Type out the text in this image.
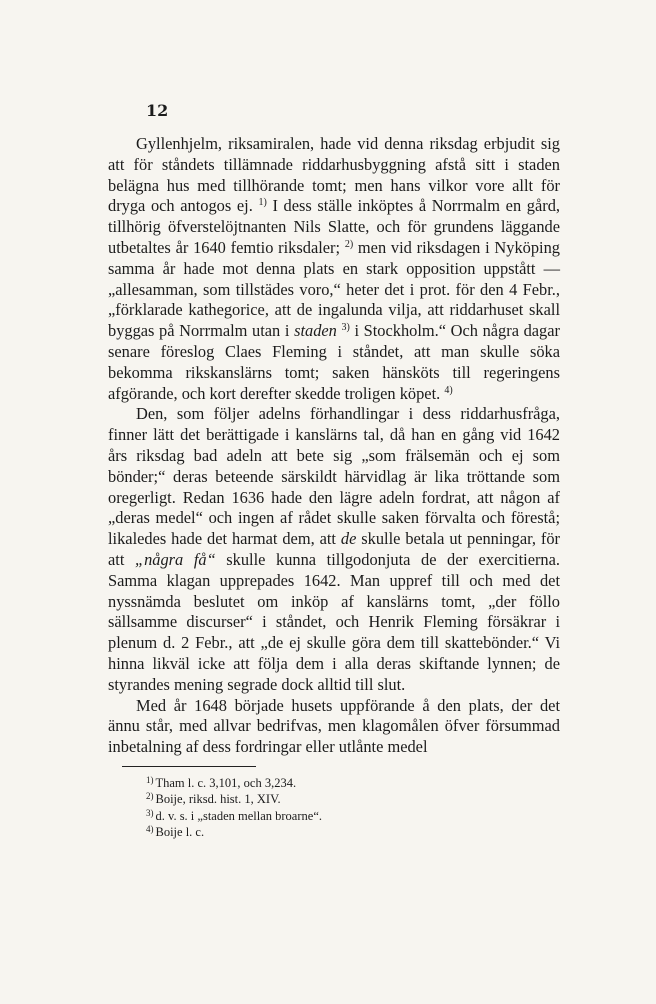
12

Gyllenhjelm, riksamiralen, hade vid denna riksdag erbjudit sig att för ståndets tillämnade riddarhusbyggning afstå sitt i staden belägna hus med tillhörande tomt; men hans vilkor vore allt för dryga och antogos ej. $^{1)}$ I dess ställe inköptes å Norrmalm en gård, tillhörig öfverstelöjtnanten Nils Slatte, och för grundens läggande utbetaltes år 1640 femtio riksdaler; $^{2)}$ men vid riksdagen i Nyköping samma år hade mot denna plats en stark opposition uppstått — „allesamman, som tillstädes voro,“ heter det i prot. för den 4 Febr., „förklarade kathegorice, att de ingalunda vilja, att riddarhuset skall byggas på Norrmalm utan i staden $^{3)}$ i Stockholm.“ Och några dagar senare föreslog Claes Fleming i ståndet, att man skulle söka bekomma rikskanslärns tomt; saken hänsköts till regeringens afgörande, och kort derefter skedde troligen köpet. $^{4)}$

Den, som följer adelns förhandlingar i dess riddarhusfråga, finner lätt det berättigade i kanslärns tal, då han en gång vid 1642 års riksdag bad adeln att bete sig „som frälsemän och ej som bönder;“ deras beteende särskildt härvidlag är lika tröttande som oregerligt. Redan 1636 hade den lägre adeln fordrat, att någon af „deras medel“ och ingen af rådet skulle saken förvalta och förestå; likaledes hade det harmat dem, att de skulle betala ut penningar, för att „några få“ skulle kunna tillgodonjuta de der exercitierna. Samma klagan upprepades 1642. Man uppref till och med det nyssnämda beslutet om inköp af kanslärns tomt, „der föllo sällsamme discurser“ i ståndet, och Henrik Fleming försäkrar i plenum d. 2 Febr., att „de ej skulle göra dem till skattebönder.“ Vi hinna likväl icke att följa dem i alla deras skiftande lynnen; de styrandes mening segrade dock alltid till slut.

Med år 1648 började husets uppförande å den plats, der det ännu står, med allvar bedrifvas, men klagomålen öfver försummad inbetalning af dess fordringar eller utlånte medel

$^{1)}$ Tham l. c. 3,101, och 3,234.
$^{2)}$ Boije, riksd. hist. 1, XIV.
$^{3)}$ d. v. s. i „staden mellan broarne“.
$^{4)}$ Boije l. c.
